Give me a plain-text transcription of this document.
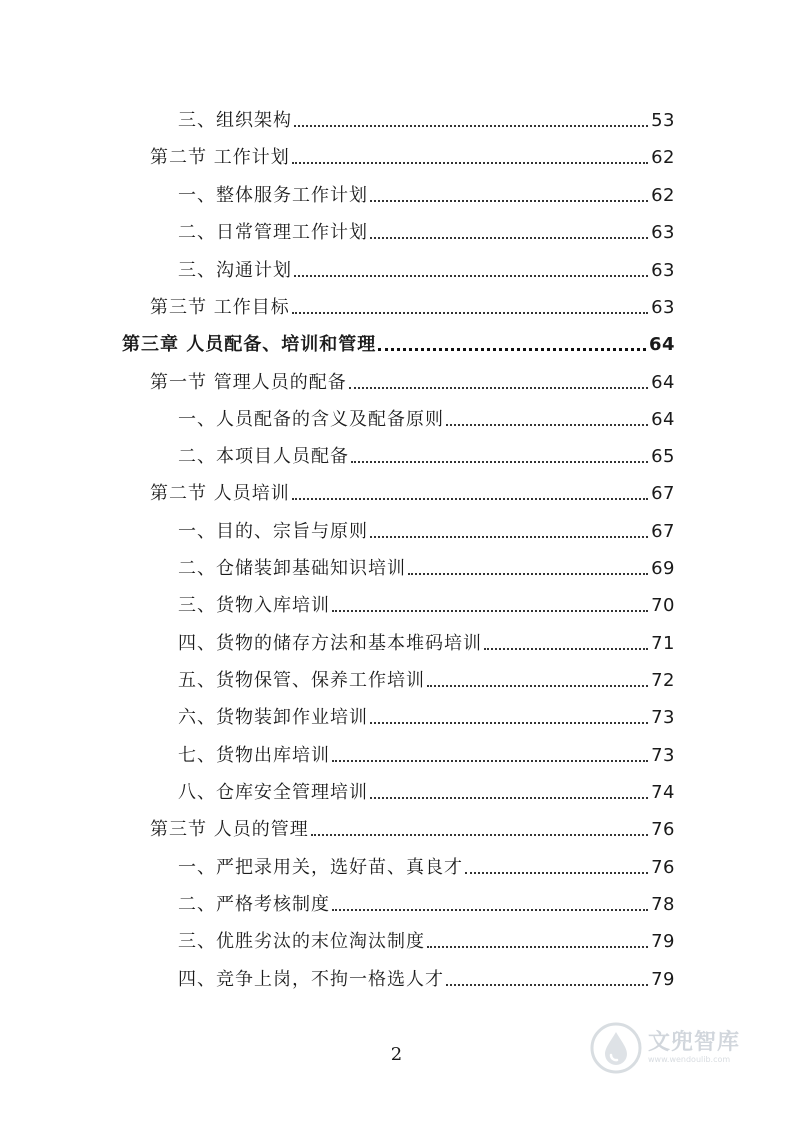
三、组织架构	53
第二节 工作计划	62
一、整体服务工作计划	62
二、日常管理工作计划	63
三、沟通计划	63
第三节 工作目标	63
第三章 人员配备、培训和管理	64
第一节 管理人员的配备	64
一、人员配备的含义及配备原则	64
二、本项目人员配备	65
第二节 人员培训	67
一、目的、宗旨与原则	67
二、仓储装卸基础知识培训	69
三、货物入库培训	70
四、货物的储存方法和基本堆码培训	71
五、货物保管、保养工作培训	72
六、货物装卸作业培训	73
七、货物出库培训	73
八、仓库安全管理培训	74
第三节 人员的管理	76
一、严把录用关，选好苗、真良才	76
二、严格考核制度	78
三、优胜劣汰的末位淘汰制度	79
四、竞争上岗，不拘一格选人才	79
2	文兜智库
www.wendoulib.com
